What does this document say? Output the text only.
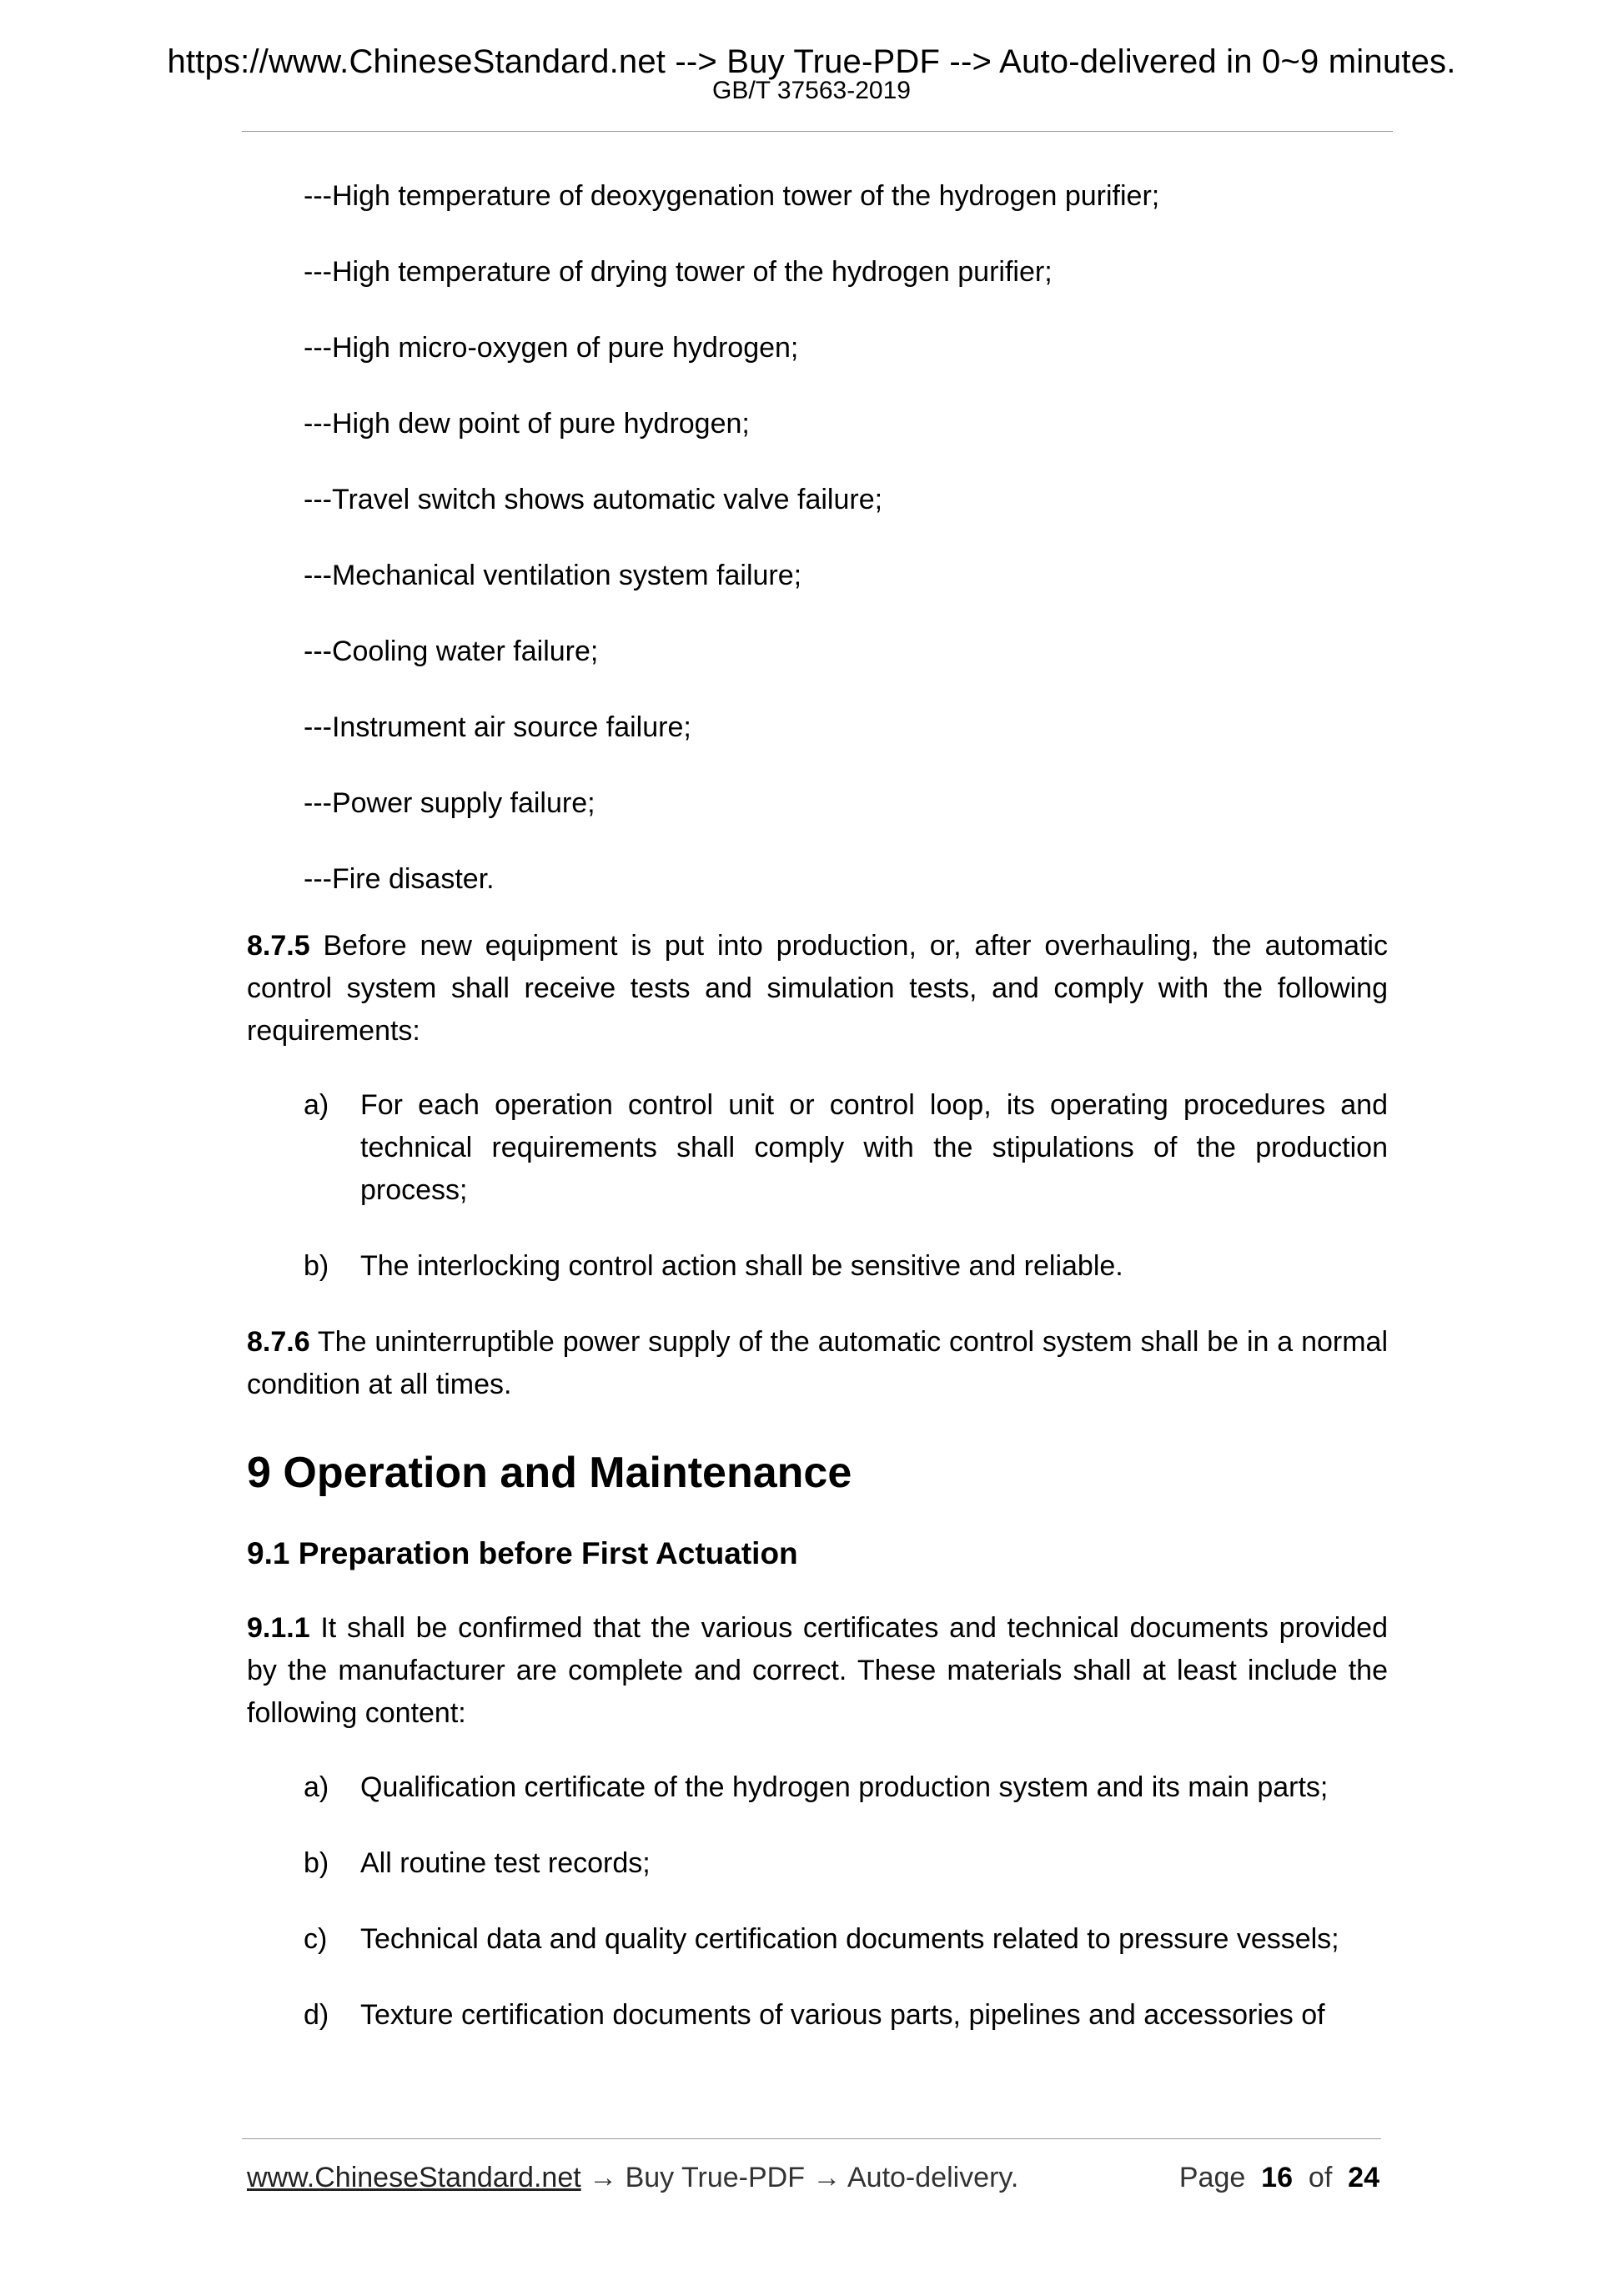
https://www.ChineseStandard.net --> Buy True-PDF --> Auto-delivered in 0~9 minutes.
GB/T 37563-2019
---High temperature of deoxygenation tower of the hydrogen purifier;
---High temperature of drying tower of the hydrogen purifier;
---High micro-oxygen of pure hydrogen;
---High dew point of pure hydrogen;
---Travel switch shows automatic valve failure;
---Mechanical ventilation system failure;
---Cooling water failure;
---Instrument air source failure;
---Power supply failure;
---Fire disaster.

8.7.5 Before new equipment is put into production, or, after overhauling, the automatic control system shall receive tests and simulation tests, and comply with the following requirements:

a)	For each operation control unit or control loop, its operating procedures and technical requirements shall comply with the stipulations of the production process;
b)	The interlocking control action shall be sensitive and reliable.

8.7.6 The uninterruptible power supply of the automatic control system shall be in a normal condition at all times.

9 Operation and Maintenance
9.1 Preparation before First Actuation

9.1.1 It shall be confirmed that the various certificates and technical documents provided by the manufacturer are complete and correct. These materials shall at least include the following content:

a)	Qualification certificate of the hydrogen production system and its main parts;
b)	All routine test records;
c)	Technical data and quality certification documents related to pressure vessels;
d)	Texture certification documents of various parts, pipelines and accessories of
www.ChineseStandard.net → Buy True-PDF → Auto-delivery.	Page 16 of 24
